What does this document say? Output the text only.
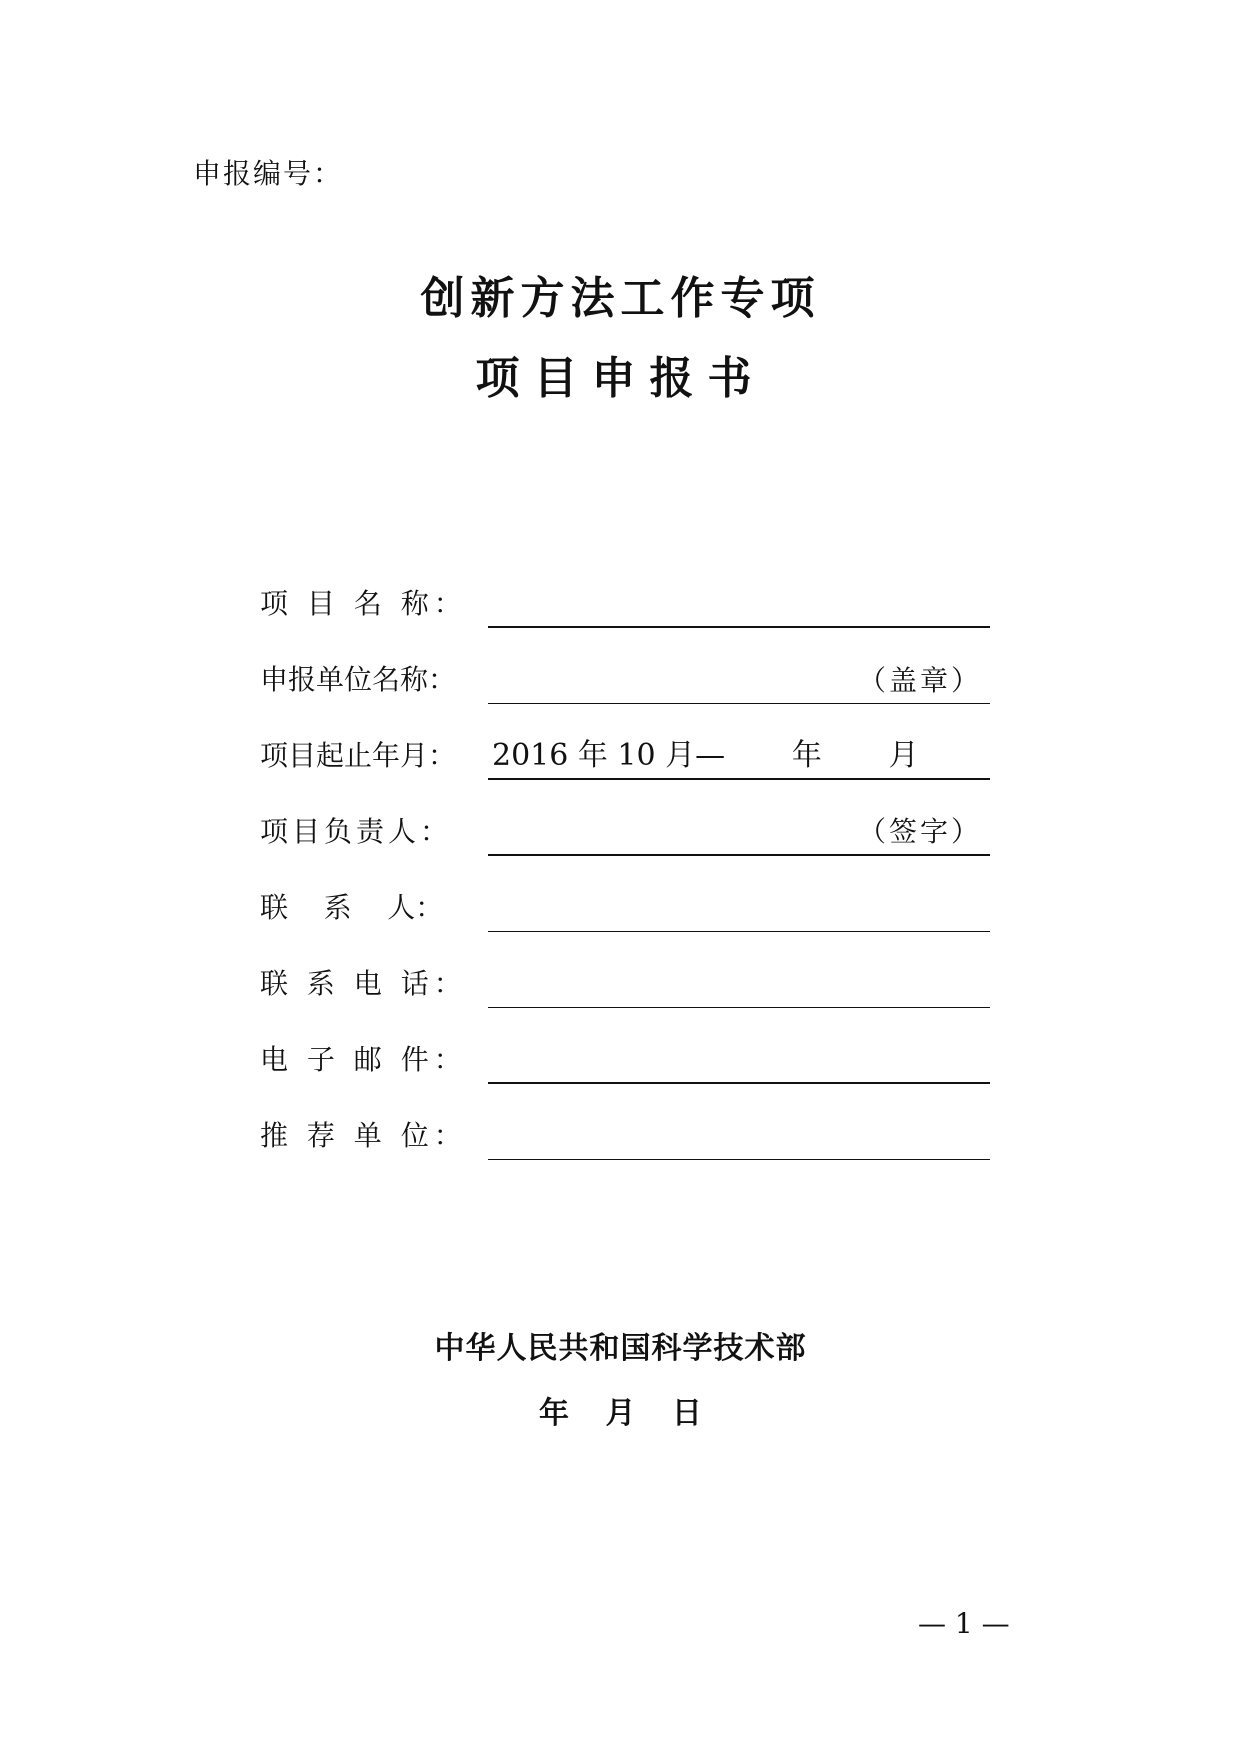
申报编号：
创新方法工作专项
项目申报书
项 目 名 称：
申报单位名称：	（盖章）
项目起止年月： 2016 年 10 月—       年       月
项目负责人：	（签字）
联    系    人：
联 系 电 话：
电 子 邮 件：
推 荐 单 位：
中华人民共和国科学技术部
年 月 日
— 1 —
